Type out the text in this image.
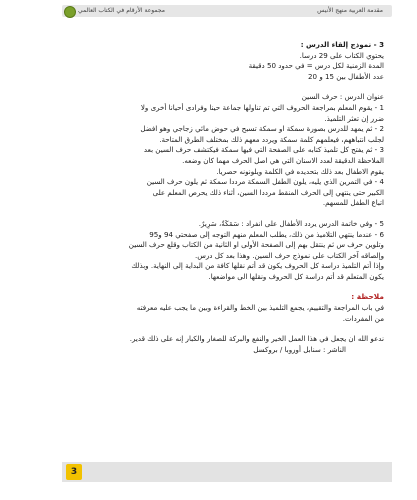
مجموعة الأرقام في الكتاب العالمي	مقدمة العربية منهج الأنيس

3 - نموذج إلقاء الدرس :

يحتوي الكتاب على 29 درسا.

المدة الزمنية لكل درس = في حدود 50 دقيقة

عدد الأطفال بين 15 و 20

عنوان الدرس : حرف السين

1 - يقوم المعلم بمراجعة الحروف التي تم تناولها جماعة حينا وفرادى أحيانا أخرى ولا

ضرر إن تعثر التلميذ.

2 - ثم يمهد للدرس بصورة سمكة او سمكة تسبح في حوض مائي زجاجي وهو افضل

لجلب انتباههم، فيعلمهم كلمة سمكة ويردد معهم ذلك بمختلف الطرق المتاحة.

3 - ثم يفتح كل تلميذ كتابه على الصفحة التي فيها سمكة فيكتشف حرف السين بعد

الملاحظة الدقيقة لعدد الاسنان التي هي اصل الحرف مهما كان وضعه.

يقوم الاطفال بعد ذلك بتحديده في الكلمة ويلونونه حصريا.

4 - في التمرين الذي يليه، يلون الطفل السمكة مرددا سمكة ثم يلون حرف السين

الكبير حتى ينتهي إلى الحرف المنقط مرددا السين، أثناء ذلك يحرص المعلم على

اتباع الطفل للمسهم.

5 - وفي خاتمة الدرس يردد الأطفال على انفراد : سَمَكَةٌ، سَرِيرٌ.

6 - عندما ينتهي التلاميذ من ذلك، يطلب المعلم منهم التوجه إلى صفحتي 94 و95

وتلوين حرف س ثم ينتقل بهم إلى الصفحة الأولى او الثانية من الكتاب وقلع حرف السين

وإلصاقه آخر الكتاب على نموذج حرف السين. وهذا بعد كل درس.

وإذا أتم التلميذ دراسة كل الحروف يكون قد أتم نقلها كافة من البداية إلى النهاية. وبذلك

يكون المتعلم قد أتم دراسة كل الحروف ونقلها الى مواضعها.

ملاحظة :

في باب المراجعة والتقييم، يجمع التلميذ بين الخط والقراءة وبين ما يجب عليه معرفته

من المفردات.

ندعو الله ان يجعل في هذا العمل الخير والنفع والبركة للصغار والكبار إنه على ذلك قدير.

الناشر : سنابل أوروبا / بروكسل

3
